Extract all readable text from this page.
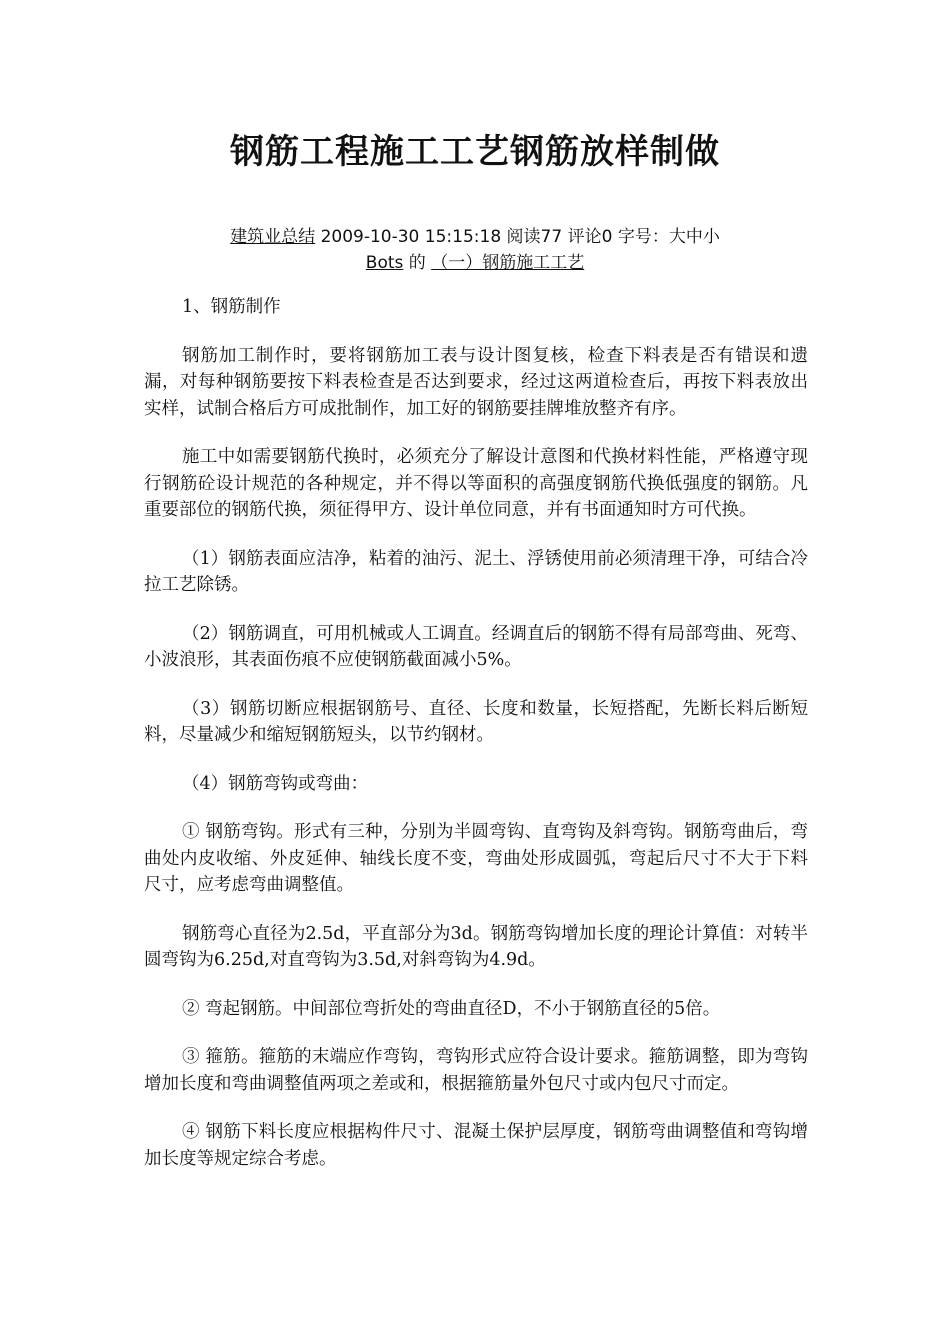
钢筋工程施工工艺钢筋放样制做
建筑业总结 2009-10-30 15:15:18 阅读77 评论0 字号：大中小
Bots 的 （一）钢筋施工工艺

1、钢筋制作

钢筋加工制作时，要将钢筋加工表与设计图复核，检查下料表是否有错误和遗漏，对每种钢筋要按下料表检查是否达到要求，经过这两道检查后，再按下料表放出实样，试制合格后方可成批制作，加工好的钢筋要挂牌堆放整齐有序。

施工中如需要钢筋代换时，必须充分了解设计意图和代换材料性能，严格遵守现行钢筋砼设计规范的各种规定，并不得以等面积的高强度钢筋代换低强度的钢筋。凡重要部位的钢筋代换，须征得甲方、设计单位同意，并有书面通知时方可代换。

（1）钢筋表面应洁净，粘着的油污、泥土、浮锈使用前必须清理干净，可结合冷拉工艺除锈。

（2）钢筋调直，可用机械或人工调直。经调直后的钢筋不得有局部弯曲、死弯、小波浪形，其表面伤痕不应使钢筋截面减小5%。

（3）钢筋切断应根据钢筋号、直径、长度和数量，长短搭配，先断长料后断短料，尽量减少和缩短钢筋短头，以节约钢材。

（4）钢筋弯钩或弯曲：

① 钢筋弯钩。形式有三种，分别为半圆弯钩、直弯钩及斜弯钩。钢筋弯曲后，弯曲处内皮收缩、外皮延伸、轴线长度不变，弯曲处形成圆弧，弯起后尺寸不大于下料尺寸，应考虑弯曲调整值。

钢筋弯心直径为2.5d，平直部分为3d。钢筋弯钩增加长度的理论计算值：对转半圆弯钩为6.25d,对直弯钩为3.5d,对斜弯钩为4.9d。

② 弯起钢筋。中间部位弯折处的弯曲直径D，不小于钢筋直径的5倍。

③ 箍筋。箍筋的末端应作弯钩，弯钩形式应符合设计要求。箍筋调整，即为弯钩增加长度和弯曲调整值两项之差或和，根据箍筋量外包尺寸或内包尺寸而定。

④ 钢筋下料长度应根据构件尺寸、混凝土保护层厚度，钢筋弯曲调整值和弯钩增加长度等规定综合考虑。
